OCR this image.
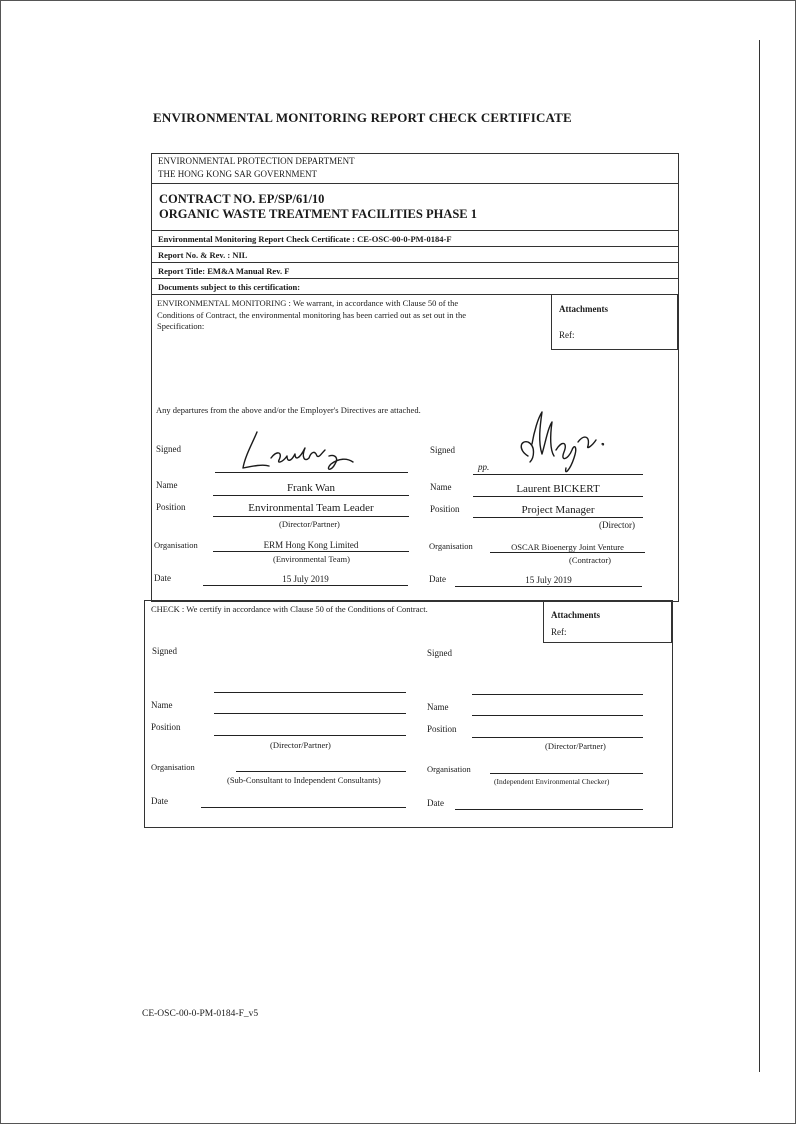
ENVIRONMENTAL MONITORING REPORT CHECK CERTIFICATE
ENVIRONMENTAL PROTECTION DEPARTMENT
THE HONG KONG SAR GOVERNMENT
CONTRACT NO. EP/SP/61/10
ORGANIC WASTE TREATMENT FACILITIES PHASE 1
Environmental Monitoring Report Check Certificate : CE-OSC-00-0-PM-0184-F
Report No. & Rev. : NIL
Report Title: EM&A Manual Rev. F
Documents subject to this certification:
ENVIRONMENTAL MONITORING : We warrant, in accordance with Clause 50 of the
Conditions of Contract, the environmental monitoring has been carried out as set out in the
Specification:
Attachments
Ref:
Any departures from the above and/or the Employer's Directives are attached.
Signed
Name	Frank Wan
Position	Environmental Team Leader
(Director/Partner)
Organisation	ERM Hong Kong Limited
(Environmental Team)
Date	15 July 2019
Signed
pp.
Name	Laurent BICKERT
Position	Project Manager
(Director)
Organisation	OSCAR Bioenergy Joint Venture
(Contractor)
Date	15 July 2019
CHECK : We certify in accordance with Clause 50 of the Conditions of Contract.
Attachments
Ref:
Signed
Name
Position
(Director/Partner)
Organisation
(Sub-Consultant to Independent Consultants)
Date
Signed
Name
Position
(Director/Partner)
Organisation
(Independent Environmental Checker)
Date
CE-OSC-00-0-PM-0184-F_v5
